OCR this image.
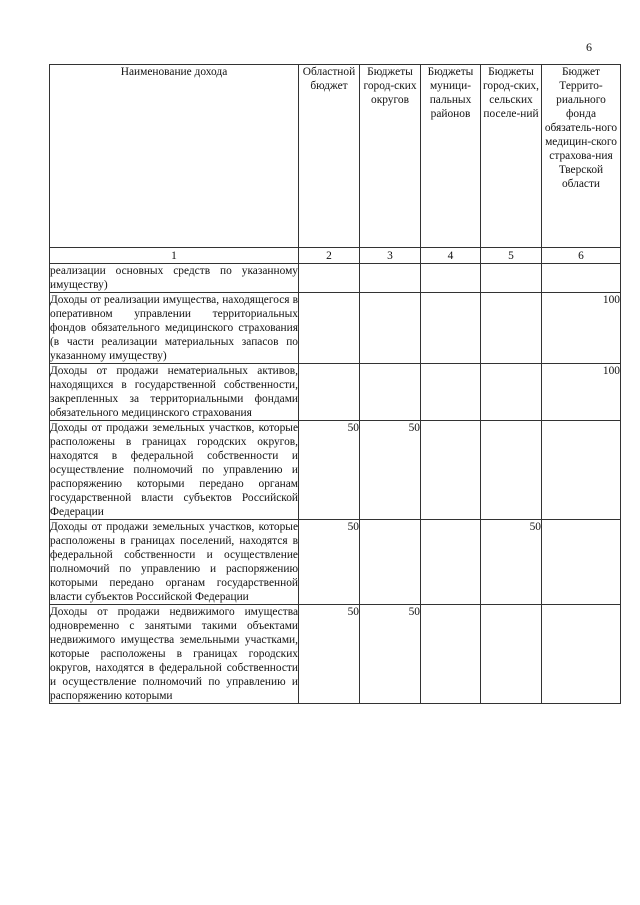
6
Наименование дохода	Областной бюджет	Бюджеты город-ских округов	Бюджеты муници-пальных районов	Бюджеты город-ских, сельских поселе-ний	Бюджет Террито-риального фонда обязатель-ного медицин-ского страхова-ния Тверской области
1	2	3	4	5	6
реализации основных средств по указанному имуществу)					
Доходы от реализации имущества, находящегося в оперативном управлении территориальных фондов обязательного медицинского страхования (в части реализации материальных запасов по указанному имуществу)					100
Доходы от продажи нематериальных активов, находящихся в государственной собственности, закрепленных за территориальными фондами обязательного медицинского страхования					100
Доходы от продажи земельных участков, которые расположены в границах городских округов, находятся в федеральной собственности и осуществление полномочий по управлению и распоряжению которыми передано органам государственной власти субъектов Российской Федерации	50	50			
Доходы от продажи земельных участков, которые расположены в границах поселений, находятся в федеральной собственности и осуществление полномочий по управлению и распоряжению которыми передано органам государственной власти субъектов Российской Федерации	50			50	
Доходы от продажи недвижимого имущества одновременно с занятыми такими объектами недвижимого имущества земельными участками, которые расположены в границах городских округов, находятся в федеральной собственности и осуществление полномочий по управлению и распоряжению которыми	50	50			
